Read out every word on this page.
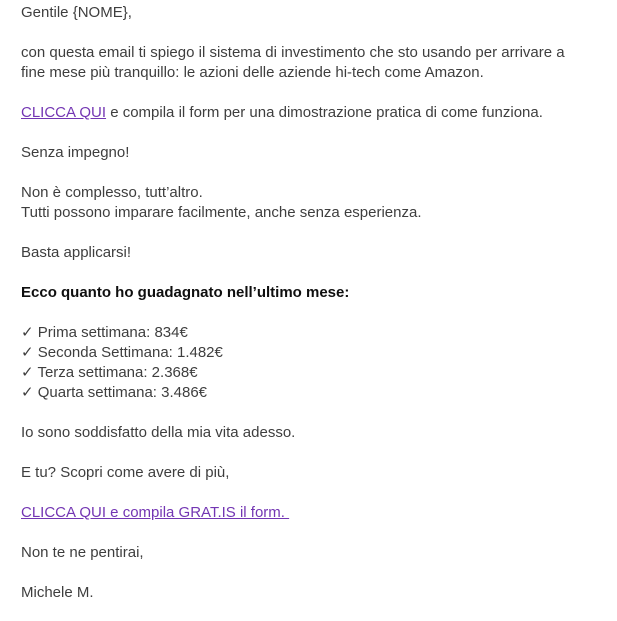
Gentile {NOME},

con questa email ti spiego il sistema di investimento che sto usando per arrivare a
fine mese più tranquillo: le azioni delle aziende hi-tech come Amazon.

CLICCA QUI e compila il form per una dimostrazione pratica di come funziona.

Senza impegno!

Non è complesso, tutt’altro.
Tutti possono imparare facilmente, anche senza esperienza.

Basta applicarsi!

Ecco quanto ho guadagnato nell’ultimo mese:

✓ Prima settimana: 834€
✓ Seconda Settimana: 1.482€
✓ Terza settimana: 2.368€
✓ Quarta settimana: 3.486€

Io sono soddisfatto della mia vita adesso.

E tu? Scopri come avere di più,

CLICCA QUI e compila GRAT.IS il form.

Non te ne pentirai,

Michele M.
